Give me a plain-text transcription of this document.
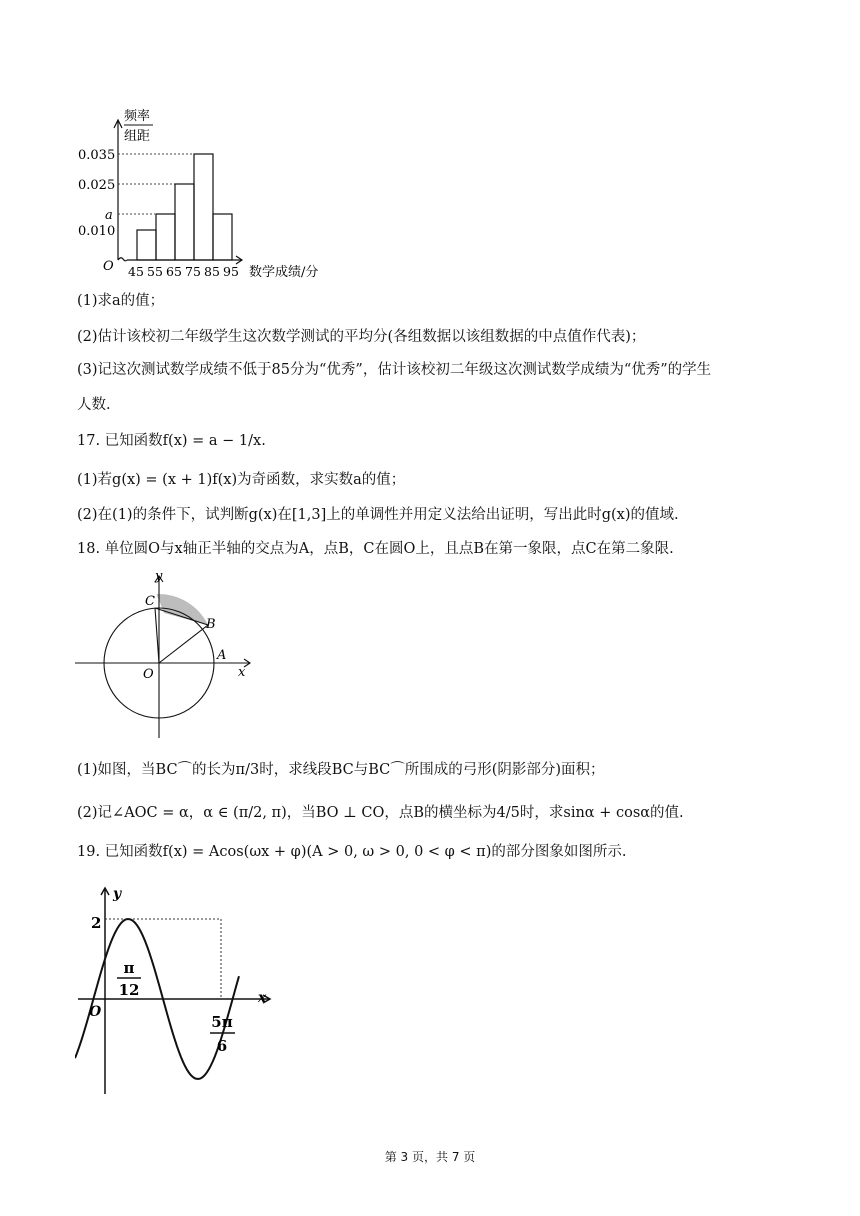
频率
组距
0.035
0.025
a
0.010
O 45 55 65 75 85 95 数学成绩/分
(1)求a的值；
(2)估计该校初二年级学生这次数学测试的平均分(各组数据以该组数据的中点值作代表)；
(3)记这次测试数学成绩不低于85分为“优秀”，估计该校初二年级这次测试数学成绩为“优秀”的学生
人数.
17. 已知函数f(x) = a − 1/x.
(1)若g(x) = (x + 1)f(x)为奇函数，求实数a的值；
(2)在(1)的条件下，试判断g(x)在[1,3]上的单调性并用定义法给出证明，写出此时g(x)的值域.
18. 单位圆O与x轴正半轴的交点为A，点B，C在圆O上，且点B在第一象限，点C在第二象限.
y
x
C
B
A
O
(1)如图，当BC⌒的长为π/3时，求线段BC与BC⌒所围成的弓形(阴影部分)面积；
(2)记∠AOC = α，α ∈ (π/2, π)，当BO ⊥ CO，点B的横坐标为4/5时，求sinα + cosα的值.
19. 已知函数f(x) = Acos(ωx + φ)(A > 0, ω > 0, 0 < φ < π)的部分图象如图所示.
y
x
O
2
π
12
5π
6
第 3 页，共 7 页
